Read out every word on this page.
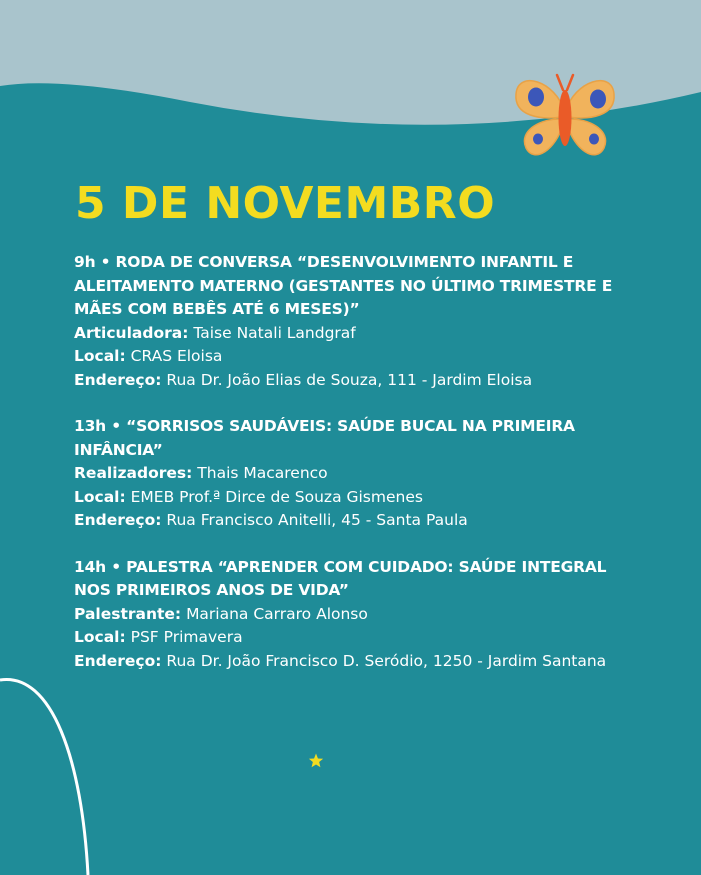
5 DE NOVEMBRO
9h • RODA DE CONVERSA “DESENVOLVIMENTO INFANTIL E ALEITAMENTO MATERNO (GESTANTES NO ÚLTIMO TRIMESTRE E MÃES COM BEBÊS ATÉ 6 MESES)”
Articuladora: Taise Natali Landgraf
Local: CRAS Eloisa
Endereço: Rua Dr. João Elias de Souza, 111 - Jardim Eloisa
13h • “SORRISOS SAUDÁVEIS: SAÚDE BUCAL NA PRIMEIRA INFÂNCIA”
Realizadores: Thais Macarenco
Local: EMEB Prof.ª Dirce de Souza Gismenes
Endereço: Rua Francisco Anitelli, 45 - Santa Paula
14h • PALESTRA “APRENDER COM CUIDADO: SAÚDE INTEGRAL NOS PRIMEIROS ANOS DE VIDA”
Palestrante: Mariana Carraro Alonso
Local: PSF Primavera
Endereço: Rua Dr. João Francisco D. Seródio, 1250 - Jardim Santana
